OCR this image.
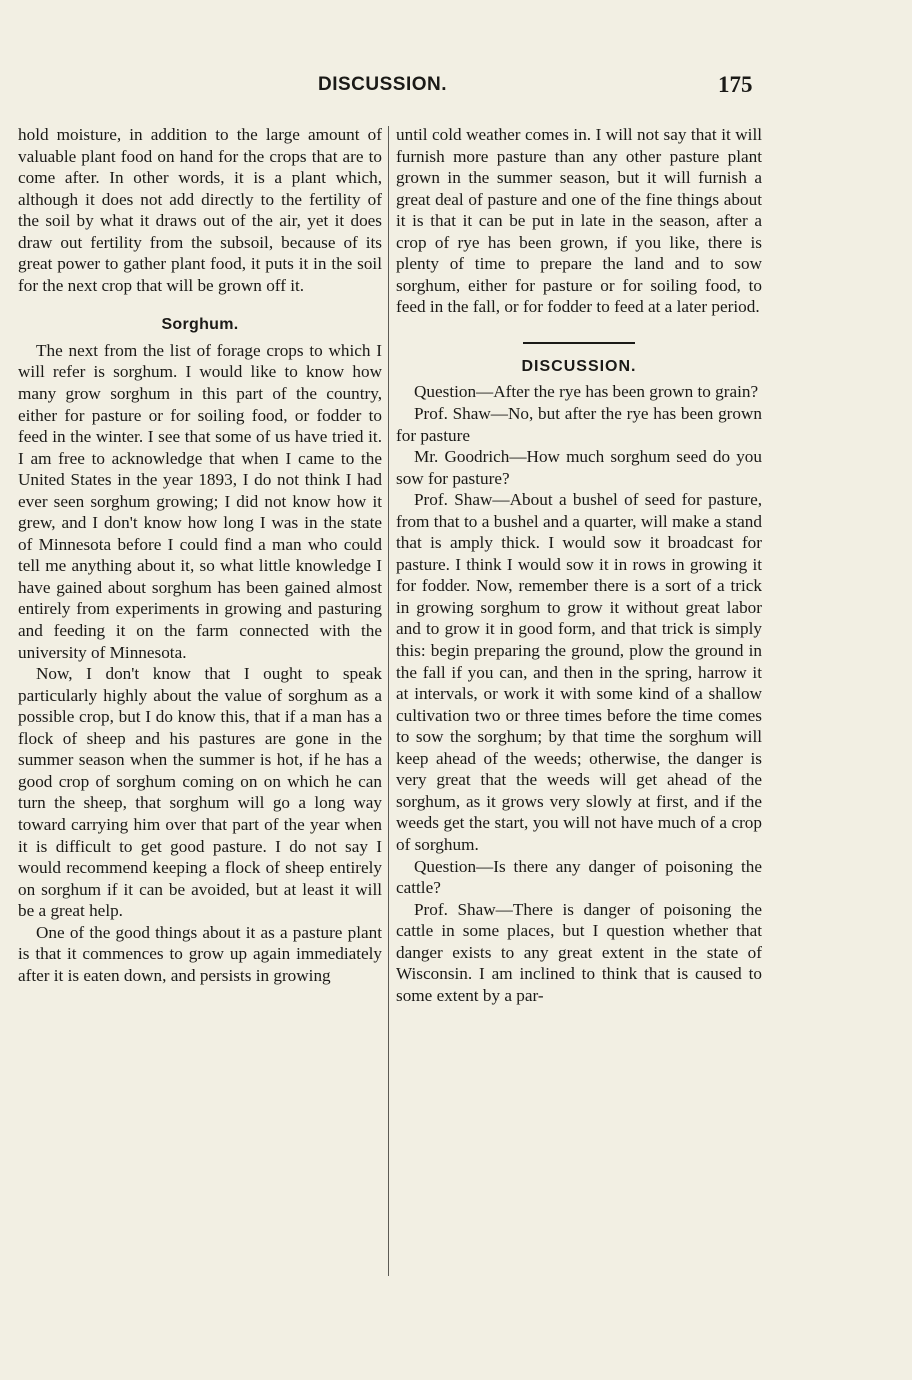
DISCUSSION.	175

hold moisture, in addition to the large amount of valuable plant food on hand for the crops that are to come after. In other words, it is a plant which, although it does not add directly to the fertility of the soil by what it draws out of the air, yet it does draw out fertility from the subsoil, because of its great power to gather plant food, it puts it in the soil for the next crop that will be grown off it.

Sorghum.

The next from the list of forage crops to which I will refer is sorghum. I would like to know how many grow sorghum in this part of the country, either for pasture or for soiling food, or fodder to feed in the winter. I see that some of us have tried it. I am free to acknowledge that when I came to the United States in the year 1893, I do not think I had ever seen sorghum growing; I did not know how it grew, and I don't know how long I was in the state of Minnesota before I could find a man who could tell me anything about it, so what little knowledge I have gained about sorghum has been gained almost entirely from experiments in growing and pasturing and feeding it on the farm connected with the university of Minnesota.

Now, I don't know that I ought to speak particularly highly about the value of sorghum as a possible crop, but I do know this, that if a man has a flock of sheep and his pastures are gone in the summer season when the summer is hot, if he has a good crop of sorghum coming on on which he can turn the sheep, that sorghum will go a long way toward carrying him over that part of the year when it is difficult to get good pasture. I do not say I would recommend keeping a flock of sheep entirely on sorghum if it can be avoided, but at least it will be a great help.

One of the good things about it as a pasture plant is that it commences to grow up again immediately after it is eaten down, and persists in growing

until cold weather comes in. I will not say that it will furnish more pasture than any other pasture plant grown in the summer season, but it will furnish a great deal of pasture and one of the fine things about it is that it can be put in late in the season, after a crop of rye has been grown, if you like, there is plenty of time to prepare the land and to sow sorghum, either for pasture or for soiling food, to feed in the fall, or for fodder to feed at a later period.

DISCUSSION.

Question—After the rye has been grown to grain?

Prof. Shaw—No, but after the rye has been grown for pasture

Mr. Goodrich—How much sorghum seed do you sow for pasture?

Prof. Shaw—About a bushel of seed for pasture, from that to a bushel and a quarter, will make a stand that is amply thick. I would sow it broadcast for pasture. I think I would sow it in rows in growing it for fodder. Now, remember there is a sort of a trick in growing sorghum to grow it without great labor and to grow it in good form, and that trick is simply this: begin preparing the ground, plow the ground in the fall if you can, and then in the spring, harrow it at intervals, or work it with some kind of a shallow cultivation two or three times before the time comes to sow the sorghum; by that time the sorghum will keep ahead of the weeds; otherwise, the danger is very great that the weeds will get ahead of the sorghum, as it grows very slowly at first, and if the weeds get the start, you will not have much of a crop of sorghum.

Question—Is there any danger of poisoning the cattle?

Prof. Shaw—There is danger of poisoning the cattle in some places, but I question whether that danger exists to any great extent in the state of Wisconsin. I am inclined to think that is caused to some extent by a par-
